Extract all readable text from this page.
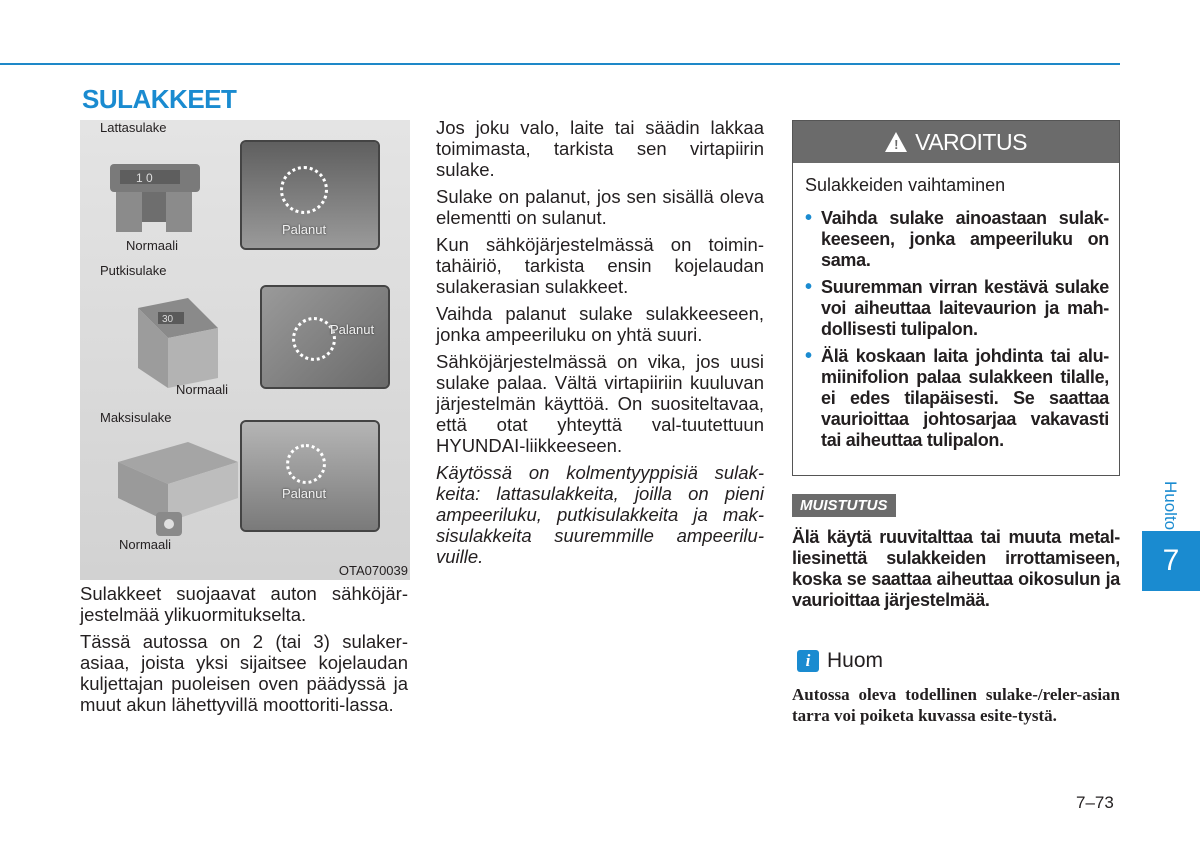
SULAKKEET
Lattasulake
1 0
Palanut
Normaali
Putkisulake
30
Palanut
Normaali
Maksisulake
Palanut
Normaali
OTA070039

Sulakkeet suojaavat auton sähköjär-jestelmää ylikuormitukselta.

Tässä autossa on 2 (tai 3) sulaker-asiaa, joista yksi sijaitsee kojelaudan kuljettajan puoleisen oven päädyssä ja muut akun lähettyvillä moottoriti-lassa.

Jos joku valo, laite tai säädin lakkaa toimimasta, tarkista sen virtapiirin sulake.

Sulake on palanut, jos sen sisällä oleva elementti on sulanut.

Kun sähköjärjestelmässä on toimin-tahäiriö, tarkista ensin kojelaudan sulakerasian sulakkeet.

Vaihda palanut sulake sulakkeeseen, jonka ampeeriluku on yhtä suuri.

Sähköjärjestelmässä on vika, jos uusi sulake palaa. Vältä virtapiiriin kuuluvan järjestelmän käyttöä. On suositeltavaa, että otat yhteyttä val-tuutettuun HYUNDAI-liikkeeseen.

Käytössä on kolmentyyppisiä sulak-keita: lattasulakkeita, joilla on pieni ampeeriluku, putkisulakkeita ja mak-sisulakkeita suuremmille ampeerilu-vuille.

! VAROITUS
Sulakkeiden vaihtaminen
• Vaihda sulake ainoastaan sulak-keeseen, jonka ampeeriluku on sama.
• Suuremman virran kestävä sulake voi aiheuttaa laitevaurion ja mah-dollisesti tulipalon.
• Älä koskaan laita johdinta tai alu-miinifolion palaa sulakkeen tilalle, ei edes tilapäisesti. Se saattaa vaurioittaa johtosarjaa vakavasti tai aiheuttaa tulipalon.
MUISTUTUS
Älä käytä ruuvitalttaa tai muuta metal-liesinettä sulakkeiden irrottamiseen, koska se saattaa aiheuttaa oikosulun ja vaurioittaa järjestelmää.
i Huom
Autossa oleva todellinen sulake-/reler-asian tarra voi poiketa kuvassa esite-tystä.
Huolto
7
7–73
